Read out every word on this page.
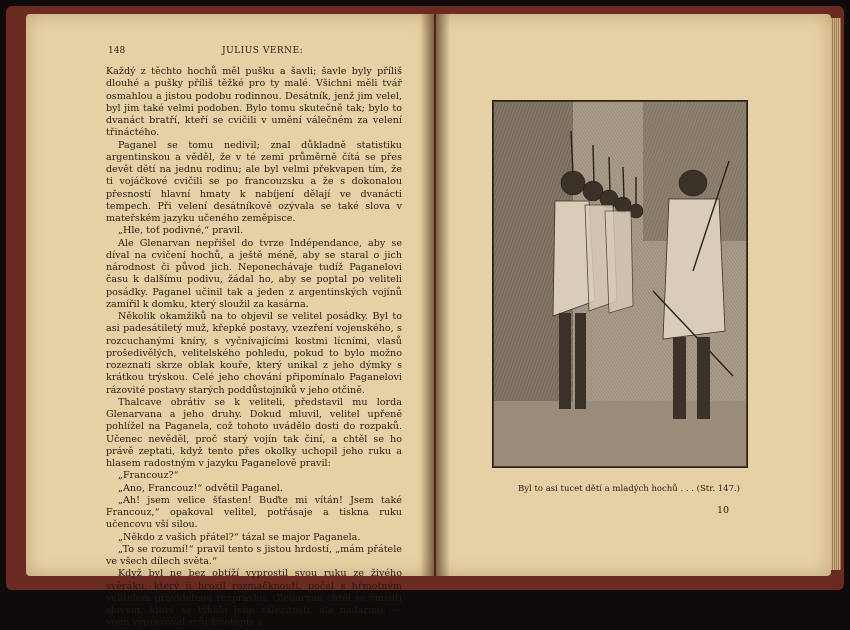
148	JULIUS VERNE:

Každý z těchto hochů měl pušku a šavli; šavle byly příliš dlouhé a pušky příliš těžké pro ty malé. Všichni měli tvář osmahlou a jistou podobu rodinnou. Desátník, jenž jim velel, byl jim také velmi podoben. Bylo tomu skutečně tak; bylo to dvanáct bratří, kteří se cvičili v umění válečném za velení třináctého.

Paganel se tomu nedivil; znal důkladně statistiku argentinskou a věděl, že v té zemi průměrně čítá se přes devět dětí na jednu rodinu; ale byl velmi překvapen tím, že ti vojáčkové cvičili se po francouzsku a že s dokonalou přesností hlavní hmaty k nabíjení dělají ve dvanácti tempech. Při velení desátníkově ozývala se také slova v mateřském jazyku učeného zeměpisce.

„Hle, toť podivné,“ pravil.

Ale Glenarvan nepřišel do tvrze Indépendance, aby se díval na cvičení hochů, a ještě méně, aby se staral o jich národnost či původ jich. Neponechávaje tudíž Paganelovi času k dalšímu podivu, žádal ho, aby se poptal po veliteli posádky. Paganel učinil tak a jeden z argentinských vojínů zamířil k domku, který sloužil za kasárna.

Několik okamžiků na to objevil se velitel posádky. Byl to asi padesátiletý muž, křepké postavy, vzezření vojenského, s rozcuchanými kníry, s vyčnívajícími kostmi lícními, vlasů prošedivělých, velitelského pohledu, pokud to bylo možno rozeznati skrze oblak kouře, který unikal z jeho dýmky s krátkou trýskou. Celé jeho chování připomínalo Paganelovi rázovité postavy starých poddůstojníků v jeho otčině.

Thalcave obrátiv se k veliteli, představil mu lorda Glenarvana a jeho druhy. Dokud mluvil, velitel upřeně pohlížel na Paganela, což tohoto uvádělo dosti do rozpaků. Učenec nevěděl, proč starý vojín tak činí, a chtěl se ho právě zeptati, když tento přes okolky uchopil jeho ruku a hlasem radostným v jazyku Paganelově pravil:

„Francouz?“

„Ano, Francouz!“ odvětil Paganel.

„Ah! jsem velice šťasten! Buďte mi vítán! Jsem také Francouz,“ opakoval velitel, potřásaje a tiskna ruku učencovu vší silou.

„Někdo z vašich přátel?“ tázal se major Paganela.

„To se rozumí!“ pravil tento s jistou hrdostí, „mám přátele ve všech dílech světa.“

Když byl ne bez obtíží vyprostil svou ruku ze živého svěráku, který ji hrozil rozmačknouti, počal s hřmotným velitelem pravidelnou rozprávku. Glenarvan chtěl se vmísiti slovem, které se týkalo jeho záležitosti, ale nadarmo; — vojín vypravoval svůj životopis a

Byl to asi tucet dětí a mladých hochů . . . (Str. 147.)
10
